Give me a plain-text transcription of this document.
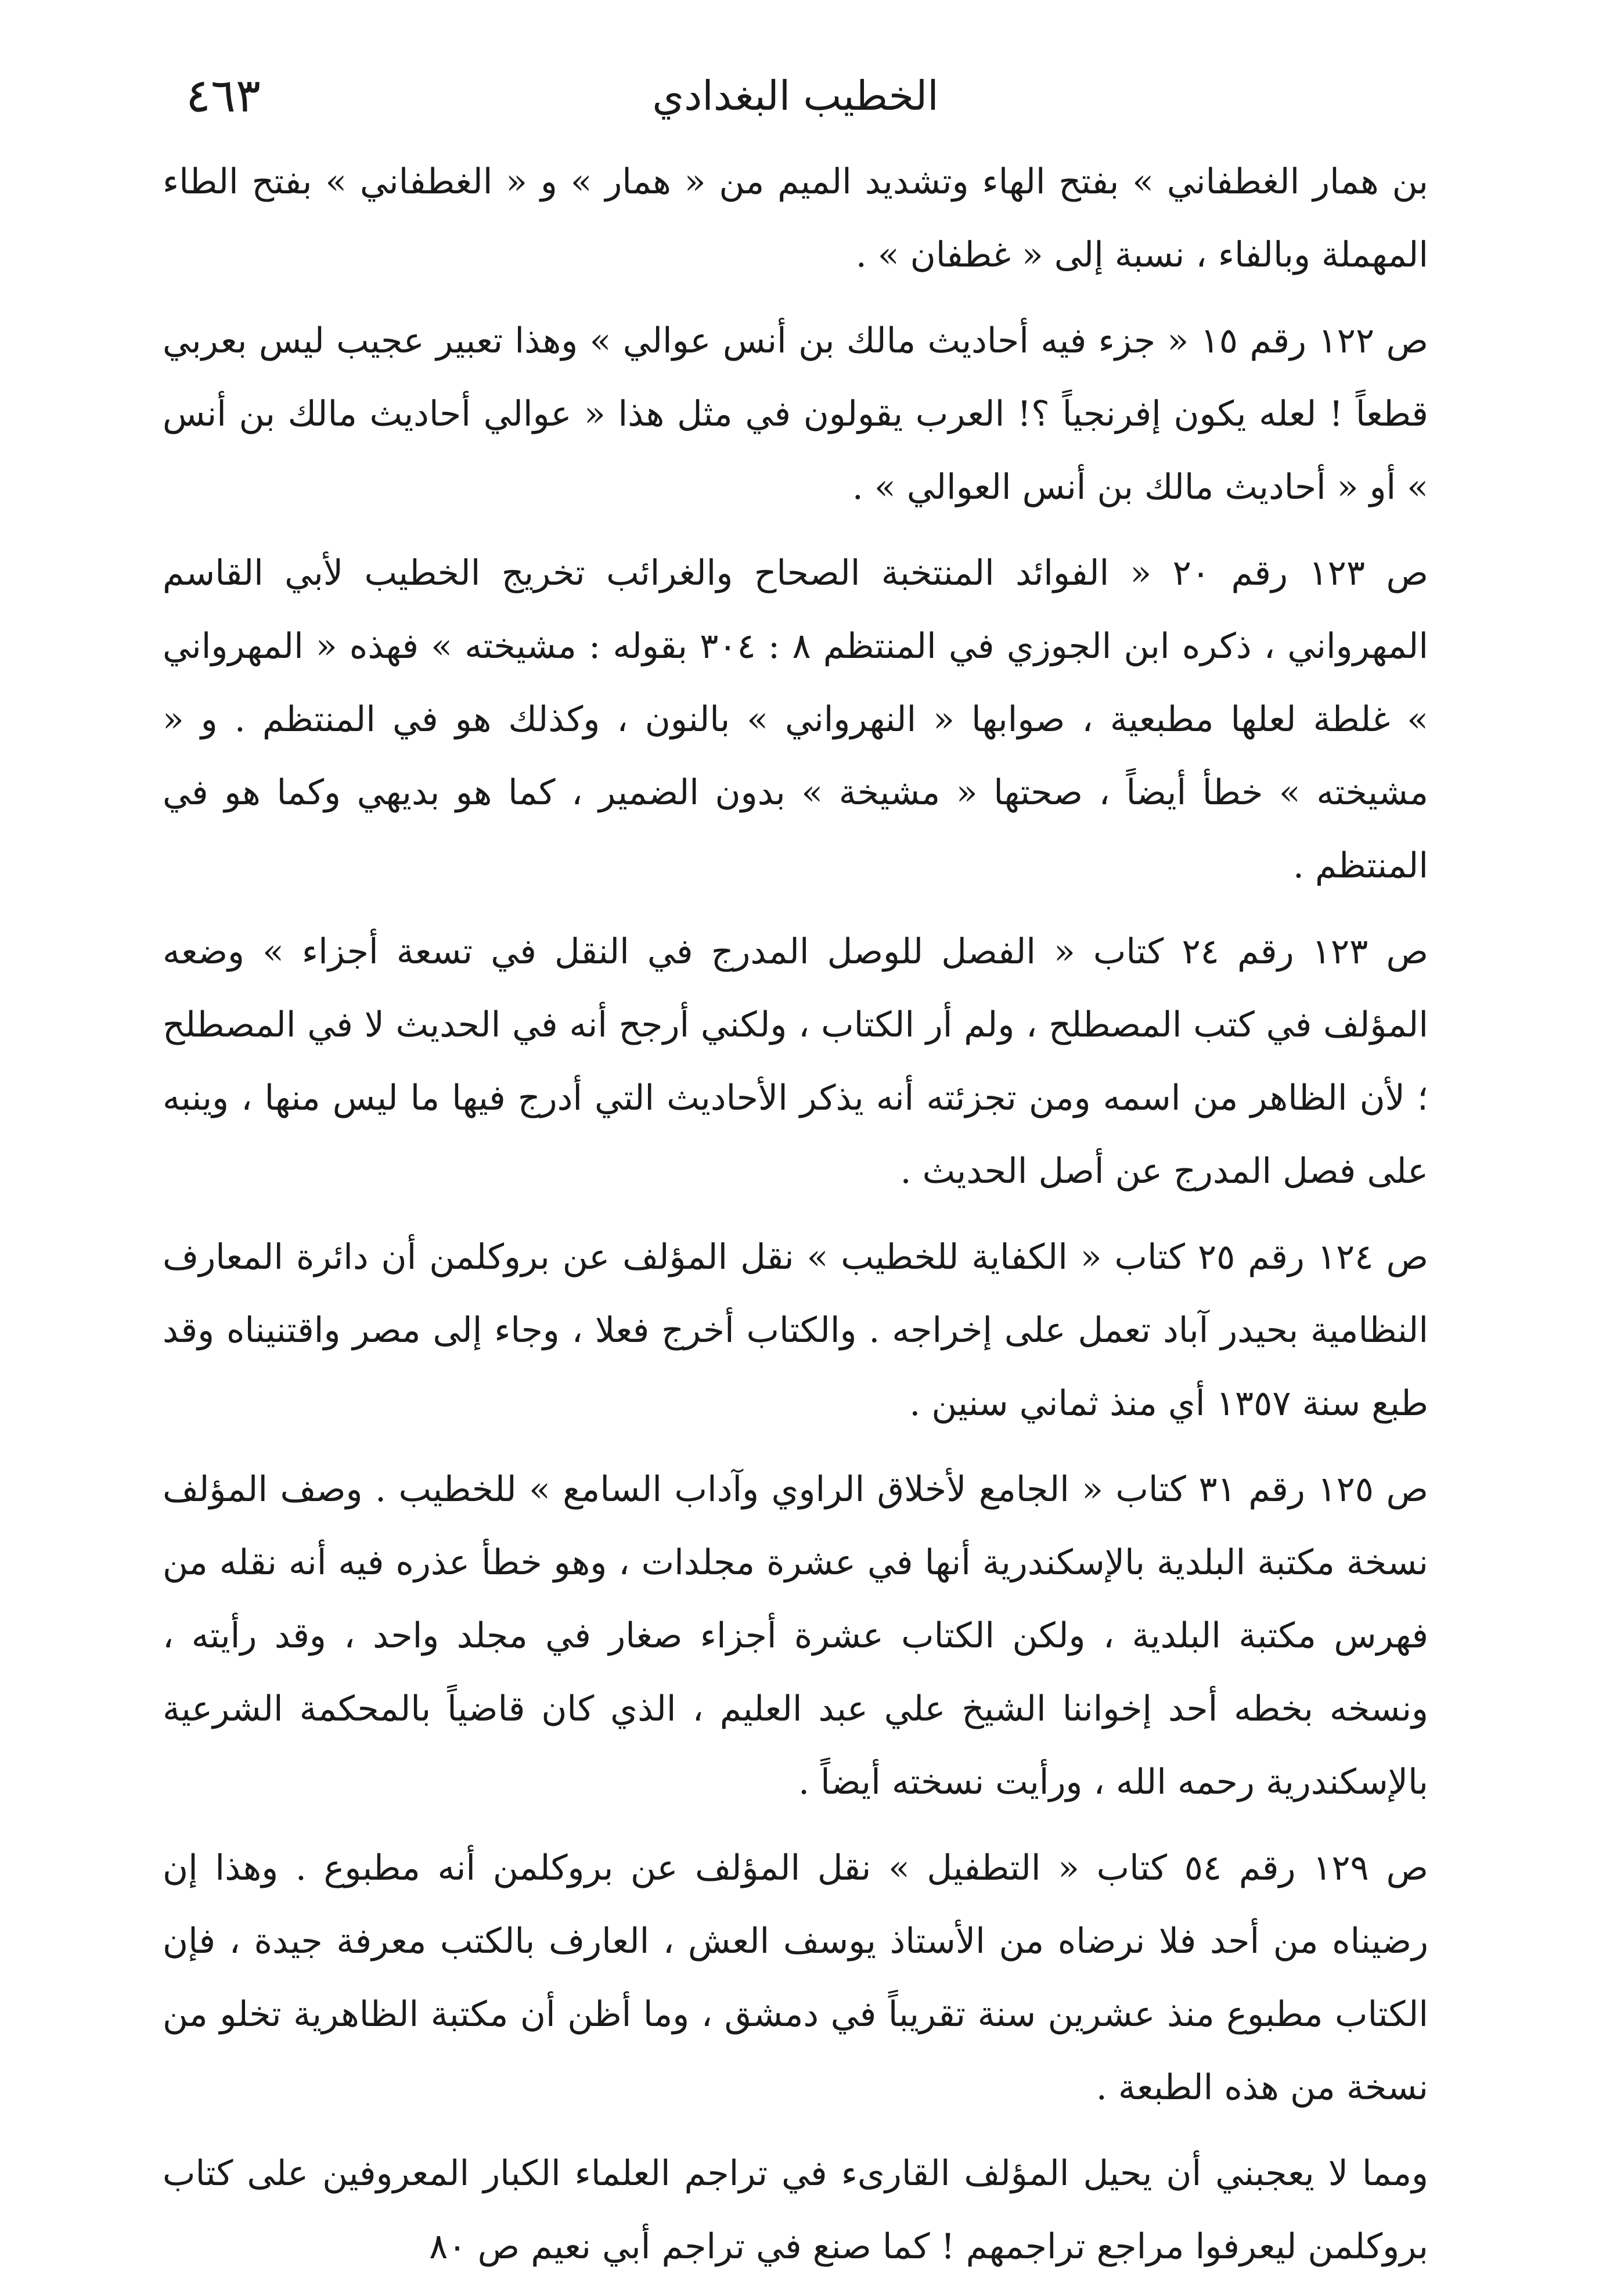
الخطيب البغدادي
٤٦٣

بن همار الغطفاني » بفتح الهاء وتشديد الميم من « همار » و « الغطفاني » بفتح الطاء المهملة وبالفاء ، نسبة إلى « غطفان » .

ص ١٢٢ رقم ١٥ « جزء فيه أحاديث مالك بن أنس عوالي » وهذا تعبير عجيب ليس بعربي قطعاً ! لعله يكون إفرنجياً ؟! العرب يقولون في مثل هذا « عوالي أحاديث مالك بن أنس » أو « أحاديث مالك بن أنس العوالي » .

ص ١٢٣ رقم ٢٠ « الفوائد المنتخبة الصحاح والغرائب تخريج الخطيب لأبي القاسم المهرواني ، ذكره ابن الجوزي في المنتظم ٨ : ٣٠٤ بقوله : مشيخته » فهذه « المهرواني » غلطة لعلها مطبعية ، صوابها « النهرواني » بالنون ، وكذلك هو في المنتظم . و « مشيخته » خطأ أيضاً ، صحتها « مشيخة » بدون الضمير ، كما هو بديهي وكما هو في المنتظم .

ص ١٢٣ رقم ٢٤ كتاب « الفصل للوصل المدرج في النقل في تسعة أجزاء » وضعه المؤلف في كتب المصطلح ، ولم أر الكتاب ، ولكني أرجح أنه في الحديث لا في المصطلح ؛ لأن الظاهر من اسمه ومن تجزئته أنه يذكر الأحاديث التي أدرج فيها ما ليس منها ، وينبه على فصل المدرج عن أصل الحديث .

ص ١٢٤ رقم ٢٥ كتاب « الكفاية للخطيب » نقل المؤلف عن بروكلمن أن دائرة المعارف النظامية بحيدر آباد تعمل على إخراجه . والكتاب أخرج فعلا ، وجاء إلى مصر واقتنيناه وقد طبع سنة ١٣٥٧ أي منذ ثماني سنين .

ص ١٢٥ رقم ٣١ كتاب « الجامع لأخلاق الراوي وآداب السامع » للخطيب . وصف المؤلف نسخة مكتبة البلدية بالإسكندرية أنها في عشرة مجلدات ، وهو خطأ عذره فيه أنه نقله من فهرس مكتبة البلدية ، ولكن الكتاب عشرة أجزاء صغار في مجلد واحد ، وقد رأيته ، ونسخه بخطه أحد إخواننا الشيخ علي عبد العليم ، الذي كان قاضياً بالمحكمة الشرعية بالإسكندرية رحمه الله ، ورأيت نسخته أيضاً .

ص ١٢٩ رقم ٥٤ كتاب « التطفيل » نقل المؤلف عن بروكلمن أنه مطبوع . وهذا إن رضيناه من أحد فلا نرضاه من الأستاذ يوسف العش ، العارف بالكتب معرفة جيدة ، فإن الكتاب مطبوع منذ عشرين سنة تقريباً في دمشق ، وما أظن أن مكتبة الظاهرية تخلو من نسخة من هذه الطبعة .

ومما لا يعجبني أن يحيل المؤلف القارىء في تراجم العلماء الكبار المعروفين على كتاب بروكلمن ليعرفوا مراجع تراجمهم ! كما صنع في تراجم أبي نعيم ص ٨٠
